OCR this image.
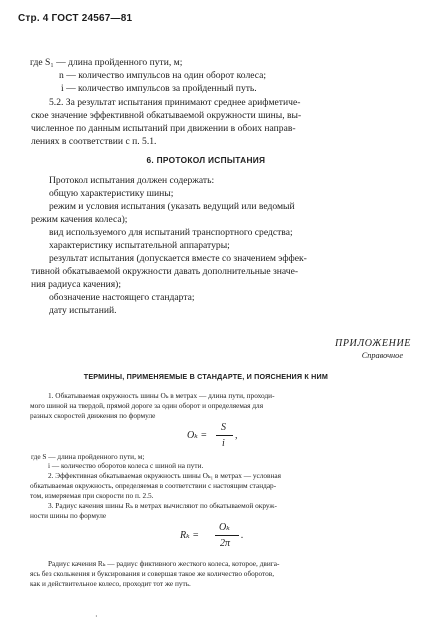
Стр. 4 ГОСТ 24567—81
где S₁ — длина пройденного пути, м;
n — количество импульсов на один оборот колеса;
i — количество импульсов за пройденный путь.
5.2. За результат испытания принимают среднее арифметиче-
ское значение эффективной обкатываемой окружности шины, вы-
численное по данным испытаний при движении в обоих направ-
лениях в соответствии с п. 5.1.
6. ПРОТОКОЛ ИСПЫТАНИЯ
Протокол испытания должен содержать:
общую характеристику шины;
режим и условия испытания (указать ведущий или ведомый
режим качения колеса);
вид используемого для испытаний транспортного средства;
характеристику испытательной аппаратуры;
результат испытания (допускается вместе со значением эффек-
тивной обкатываемой окружности давать дополнительные значе-
ния радиуса качения);
обозначение настоящего стандарта;
дату испытаний.
ПРИЛОЖЕНИЕ
Справочное
ТЕРМИНЫ, ПРИМЕНЯЕМЫЕ В СТАНДАРТЕ, И ПОЯСНЕНИЯ К НИМ
1. Обкатываемая окружность шины Oₖ в метрах — длина пути, проходи-
мого шиной на твердой, прямой дороге за один оборот и определяемая для
разных скоростей движения по формуле
Oₖ =
S
i
,
где S — длина пройденного пути, м;
i — количество оборотов колеса с шиной на пути.
2. Эффективная обкатываемая окружность шины Oₖ₁ в метрах — условная
обкатываемая окружность, определяемая в соответствии с настоящим стандар-
том, измеряемая при скорости по п. 2.5.
3. Радиус качения шины Rₖ в метрах вычисляют по обкатываемой окруж-
ности шины по формуле
Rₖ =
Oₖ
2π
.
Радиус качения Rₖ — радиус фиктивного жесткого колеса, которое, двига-
ясь без скольжения и буксирования и совершая такое же количество оборотов,
как и действительное колесо, проходит тот же путь.
·
